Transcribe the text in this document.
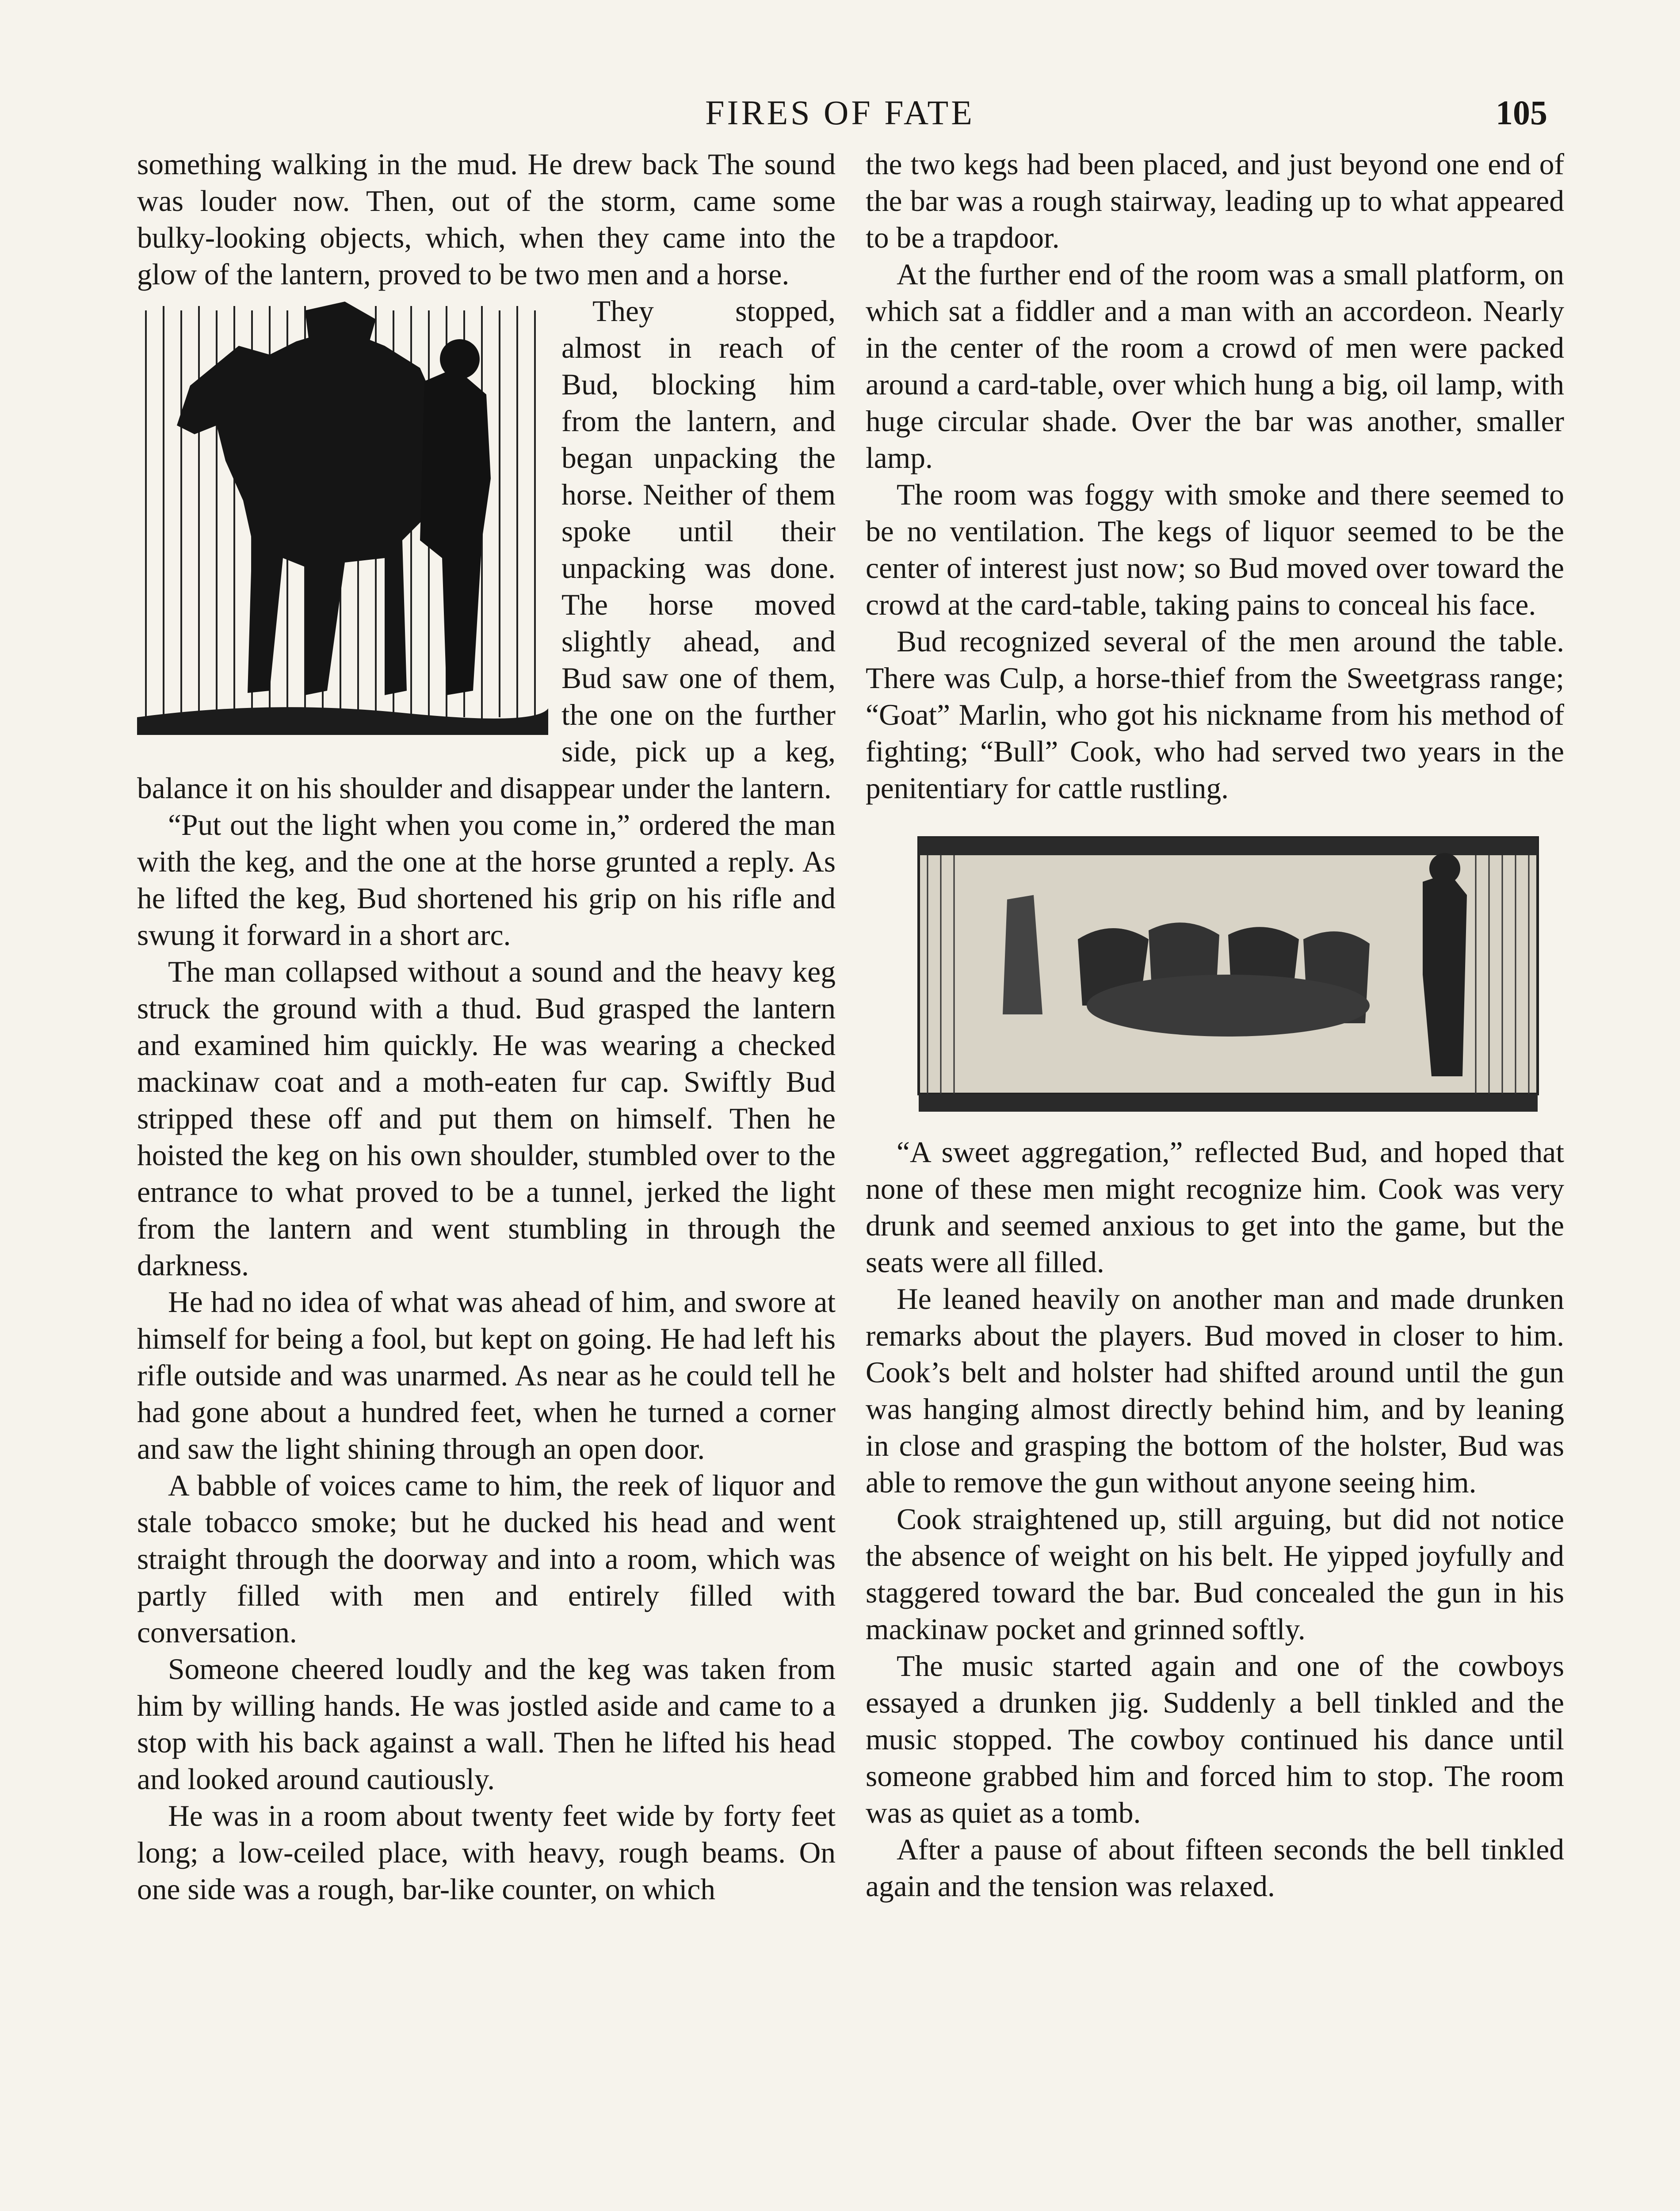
FIRES OF FATE	105

something walking in the mud. He drew back The sound was louder now. Then, out of the storm, came some bulky-looking objects, which, when they came into the glow of the lantern, proved to be two men and a horse.

They stopped, almost in reach of Bud, blocking him from the lantern, and began unpacking the horse. Neither of them spoke until their unpacking was done. The horse moved slightly ahead, and Bud saw one of them, the one on the further side, pick up a keg, balance it on his shoulder and disappear under the lantern.

“Put out the light when you come in,” ordered the man with the keg, and the one at the horse grunted a reply. As he lifted the keg, Bud shortened his grip on his rifle and swung it forward in a short arc.

The man collapsed without a sound and the heavy keg struck the ground with a thud. Bud grasped the lantern and examined him quickly. He was wearing a checked mackinaw coat and a moth-eaten fur cap. Swiftly Bud stripped these off and put them on himself. Then he hoisted the keg on his own shoulder, stumbled over to the entrance to what proved to be a tunnel, jerked the light from the lantern and went stumbling in through the darkness.

He had no idea of what was ahead of him, and swore at himself for being a fool, but kept on going. He had left his rifle outside and was unarmed. As near as he could tell he had gone about a hundred feet, when he turned a corner and saw the light shining through an open door.

A babble of voices came to him, the reek of liquor and stale tobacco smoke; but he ducked his head and went straight through the doorway and into a room, which was partly filled with men and entirely filled with conversation.

Someone cheered loudly and the keg was taken from him by willing hands. He was jostled aside and came to a stop with his back against a wall. Then he lifted his head and looked around cautiously.

He was in a room about twenty feet wide by forty feet long; a low-ceiled place, with heavy, rough beams. On one side was a rough, bar-like counter, on which

the two kegs had been placed, and just beyond one end of the bar was a rough stairway, leading up to what appeared to be a trapdoor.

At the further end of the room was a small platform, on which sat a fiddler and a man with an accordeon. Nearly in the center of the room a crowd of men were packed around a card-table, over which hung a big, oil lamp, with huge circular shade. Over the bar was another, smaller lamp.

The room was foggy with smoke and there seemed to be no ventilation. The kegs of liquor seemed to be the center of interest just now; so Bud moved over toward the crowd at the card-table, taking pains to conceal his face.

Bud recognized several of the men around the table. There was Culp, a horse-thief from the Sweetgrass range; “Goat” Marlin, who got his nickname from his method of fighting; “Bull” Cook, who had served two years in the penitentiary for cattle rustling.

“A sweet aggregation,” reflected Bud, and hoped that none of these men might recognize him. Cook was very drunk and seemed anxious to get into the game, but the seats were all filled.

He leaned heavily on another man and made drunken remarks about the players. Bud moved in closer to him. Cook’s belt and holster had shifted around until the gun was hanging almost directly behind him, and by leaning in close and grasping the bottom of the holster, Bud was able to remove the gun without anyone seeing him.

Cook straightened up, still arguing, but did not notice the absence of weight on his belt. He yipped joyfully and staggered toward the bar. Bud concealed the gun in his mackinaw pocket and grinned softly.

The music started again and one of the cowboys essayed a drunken jig. Suddenly a bell tinkled and the music stopped. The cowboy continued his dance until someone grabbed him and forced him to stop. The room was as quiet as a tomb.

After a pause of about fifteen seconds the bell tinkled again and the tension was relaxed.
